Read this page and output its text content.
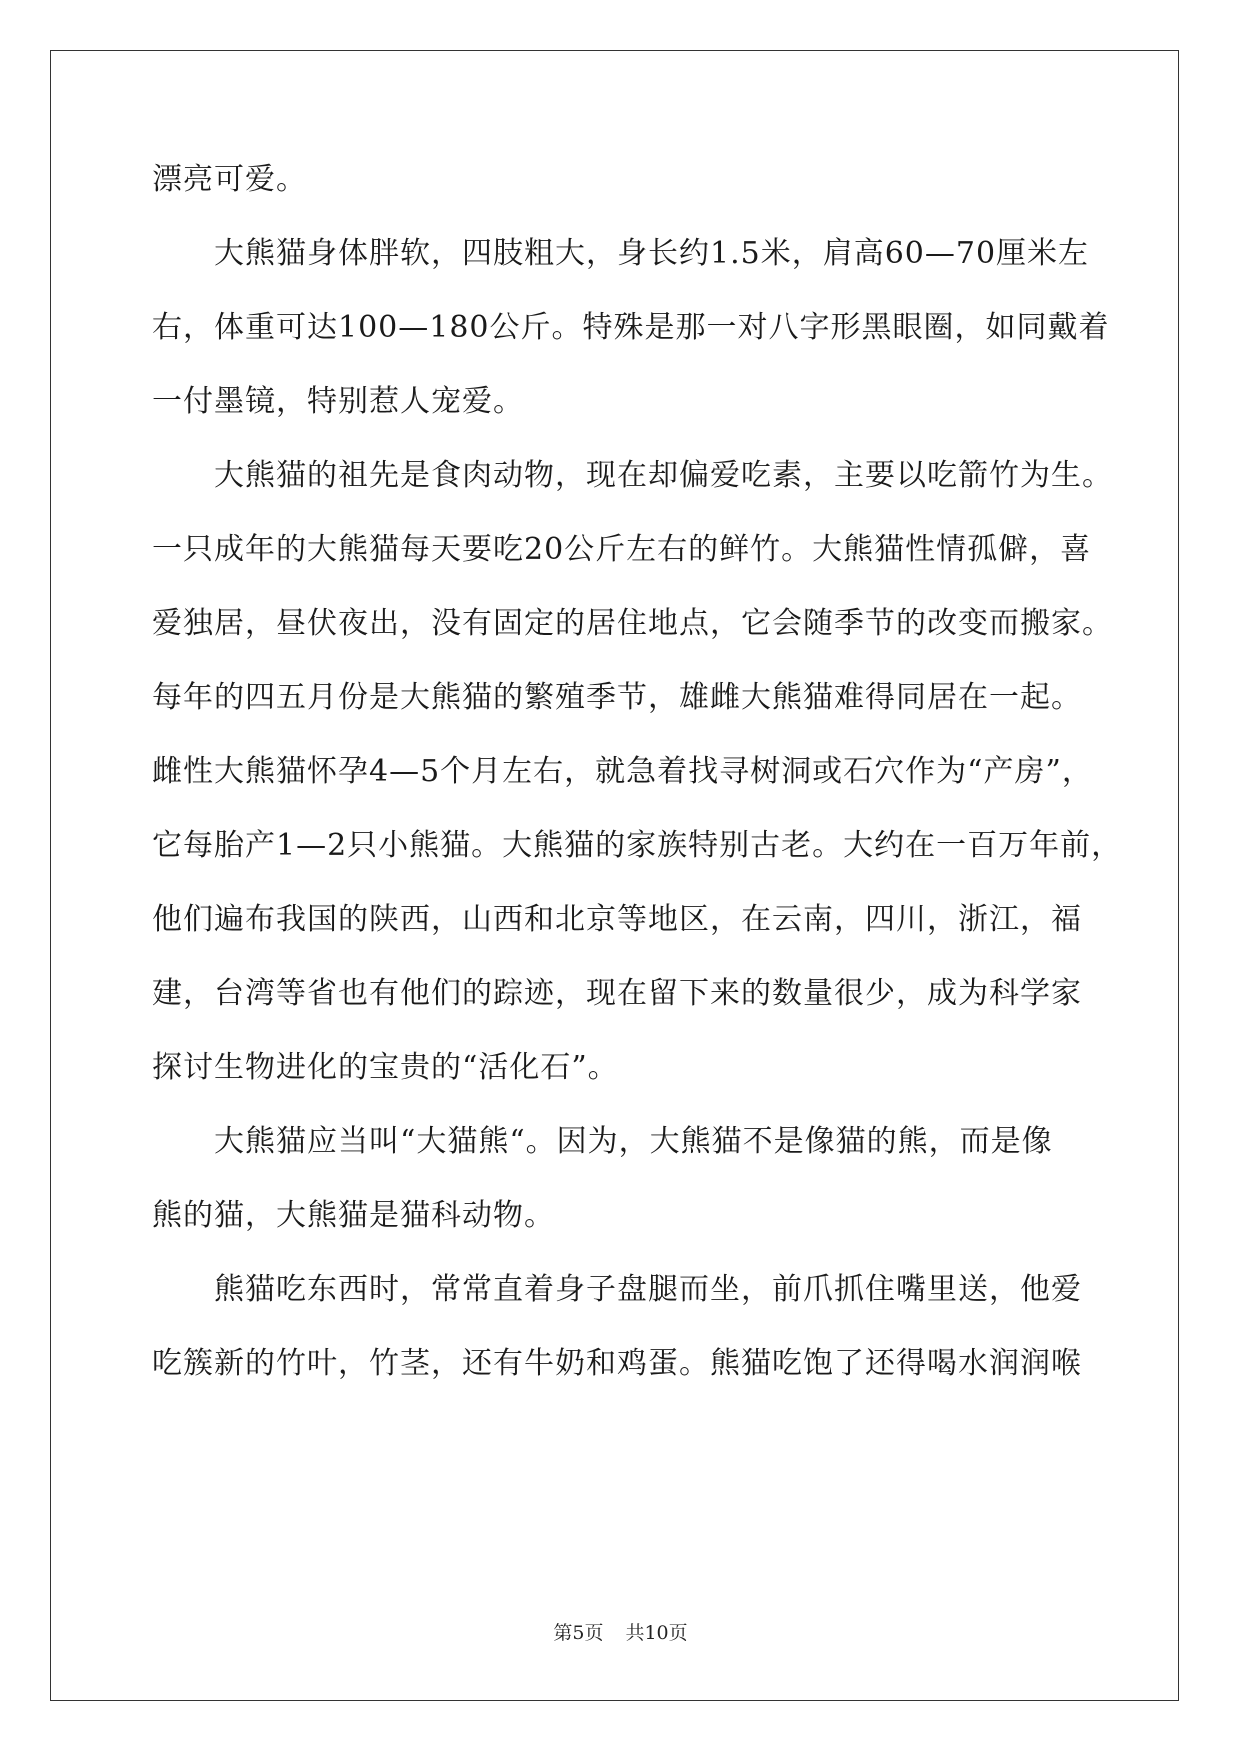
漂亮可爱。
大熊猫身体胖软，四肢粗大，身长约1.5米，肩高60—70厘米左
右，体重可达100—180公斤。特殊是那一对八字形黑眼圈，如同戴着
一付墨镜，特别惹人宠爱。
大熊猫的祖先是食肉动物，现在却偏爱吃素，主要以吃箭竹为生。
一只成年的大熊猫每天要吃20公斤左右的鲜竹。大熊猫性情孤僻，喜
爱独居，昼伏夜出，没有固定的居住地点，它会随季节的改变而搬家。
每年的四五月份是大熊猫的繁殖季节，雄雌大熊猫难得同居在一起。
雌性大熊猫怀孕4—5个月左右，就急着找寻树洞或石穴作为“产房”，
它每胎产1—2只小熊猫。大熊猫的家族特别古老。大约在一百万年前，
他们遍布我国的陕西，山西和北京等地区，在云南，四川，浙江，福
建，台湾等省也有他们的踪迹，现在留下来的数量很少，成为科学家
探讨生物进化的宝贵的“活化石”。
大熊猫应当叫“大猫熊“。因为，大熊猫不是像猫的熊，而是像
熊的猫，大熊猫是猫科动物。
熊猫吃东西时，常常直着身子盘腿而坐，前爪抓住嘴里送，他爱
吃簇新的竹叶，竹茎，还有牛奶和鸡蛋。熊猫吃饱了还得喝水润润喉
第5页 共10页
